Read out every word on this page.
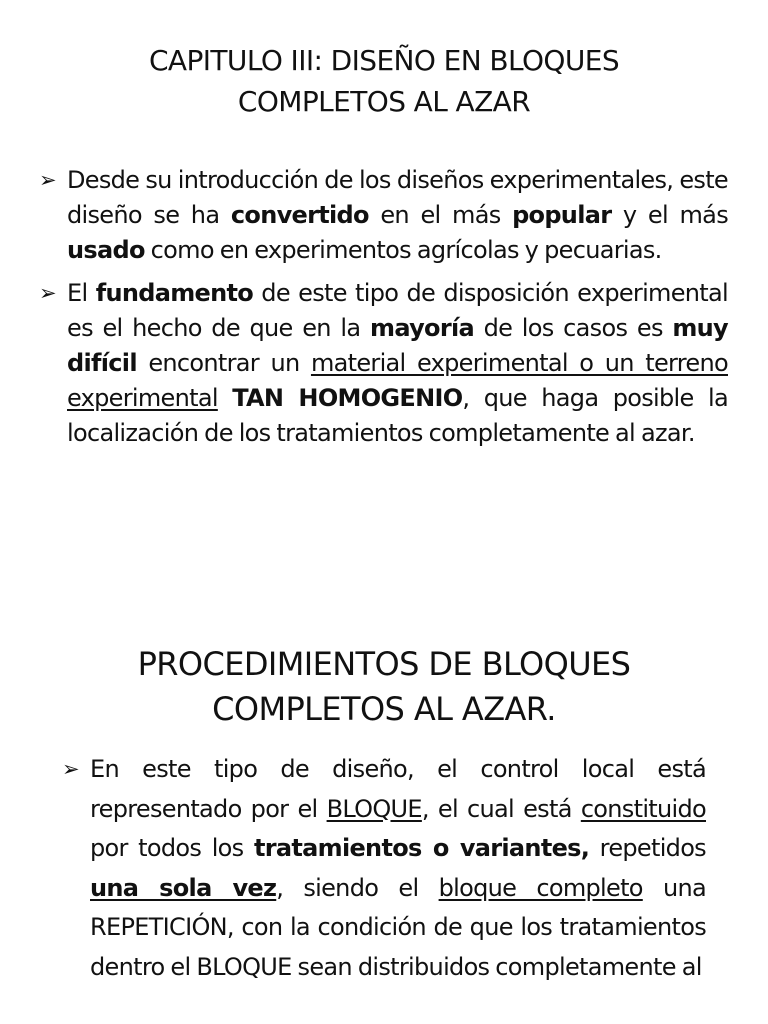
CAPITULO III: DISEÑO EN BLOQUES
COMPLETOS AL AZAR
➢ Desde su introducción de los diseños experimentales, este diseño se ha convertido en el más popular y el más usado como en experimentos agrícolas y pecuarias.
➢ El fundamento de este tipo de disposición experimental es el hecho de que en la mayoría de los casos es muy difícil encontrar un material experimental o un terreno experimental TAN HOMOGENIO, que haga posible la localización de los tratamientos completamente al azar.
PROCEDIMIENTOS DE BLOQUES
COMPLETOS AL AZAR.
➢ En este tipo de diseño, el control local está representado por el BLOQUE, el cual está constituido por todos los tratamientos o variantes, repetidos una sola vez, siendo el bloque completo una REPETICIÓN, con la condición de que los tratamientos dentro el BLOQUE sean distribuidos completamente al
